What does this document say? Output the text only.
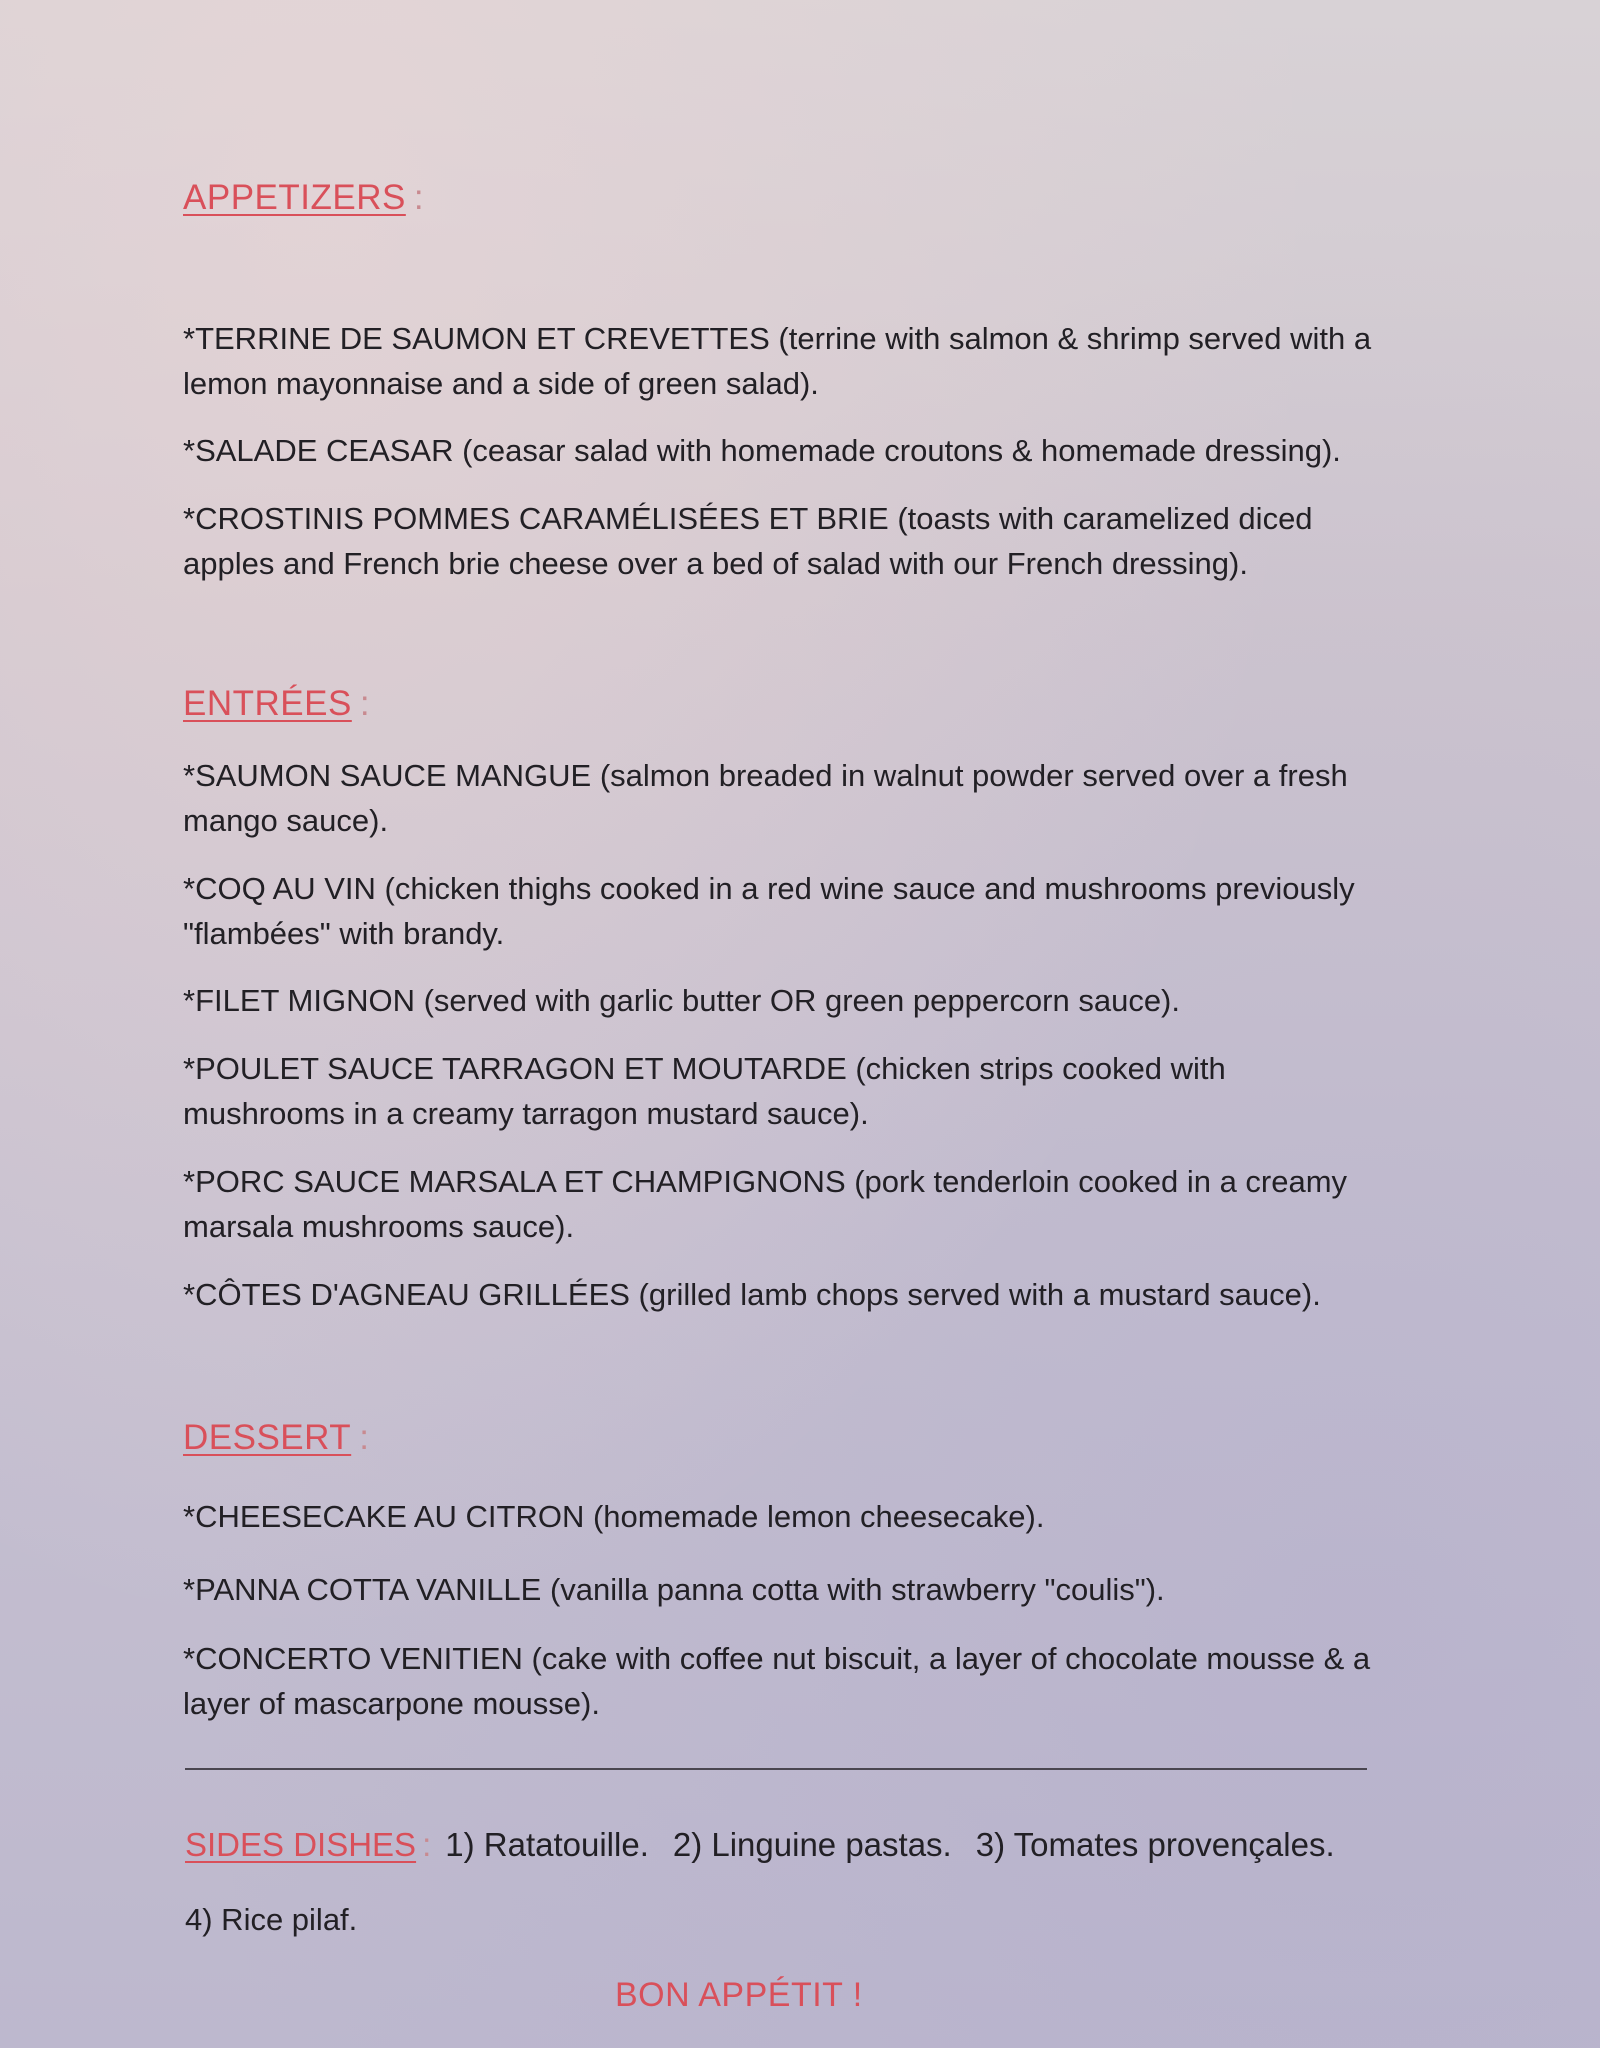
APPETIZERS :
*TERRINE DE SAUMON ET CREVETTES (terrine with salmon & shrimp served with a lemon mayonnaise and a side of green salad).
*SALADE CEASAR (ceasar salad with homemade croutons & homemade dressing).
*CROSTINIS POMMES CARAMÉLISÉES ET BRIE (toasts with caramelized diced apples and French brie cheese over a bed of salad with our French dressing).
ENTRÉES :
*SAUMON SAUCE MANGUE (salmon breaded in walnut powder served over a fresh mango sauce).
*COQ AU VIN (chicken thighs cooked in a red wine sauce and mushrooms previously "flambées" with brandy.
*FILET MIGNON (served with garlic butter OR green peppercorn sauce).
*POULET SAUCE TARRAGON ET MOUTARDE (chicken strips cooked with mushrooms in a creamy tarragon mustard sauce).
*PORC SAUCE MARSALA ET CHAMPIGNONS (pork tenderloin cooked in a creamy marsala mushrooms sauce).
*CÔTES D'AGNEAU GRILLÉES (grilled lamb chops served with a mustard sauce).
DESSERT :
*CHEESECAKE AU CITRON (homemade lemon cheesecake).
*PANNA COTTA VANILLE (vanilla panna cotta with strawberry "coulis").
*CONCERTO VENITIEN (cake with coffee nut biscuit, a layer of chocolate mousse & a layer of mascarpone mousse).
SIDES DISHES : 1) Ratatouille. 2) Linguine pastas. 3) Tomates provençales.
4) Rice pilaf.
BON APPÉTIT !
